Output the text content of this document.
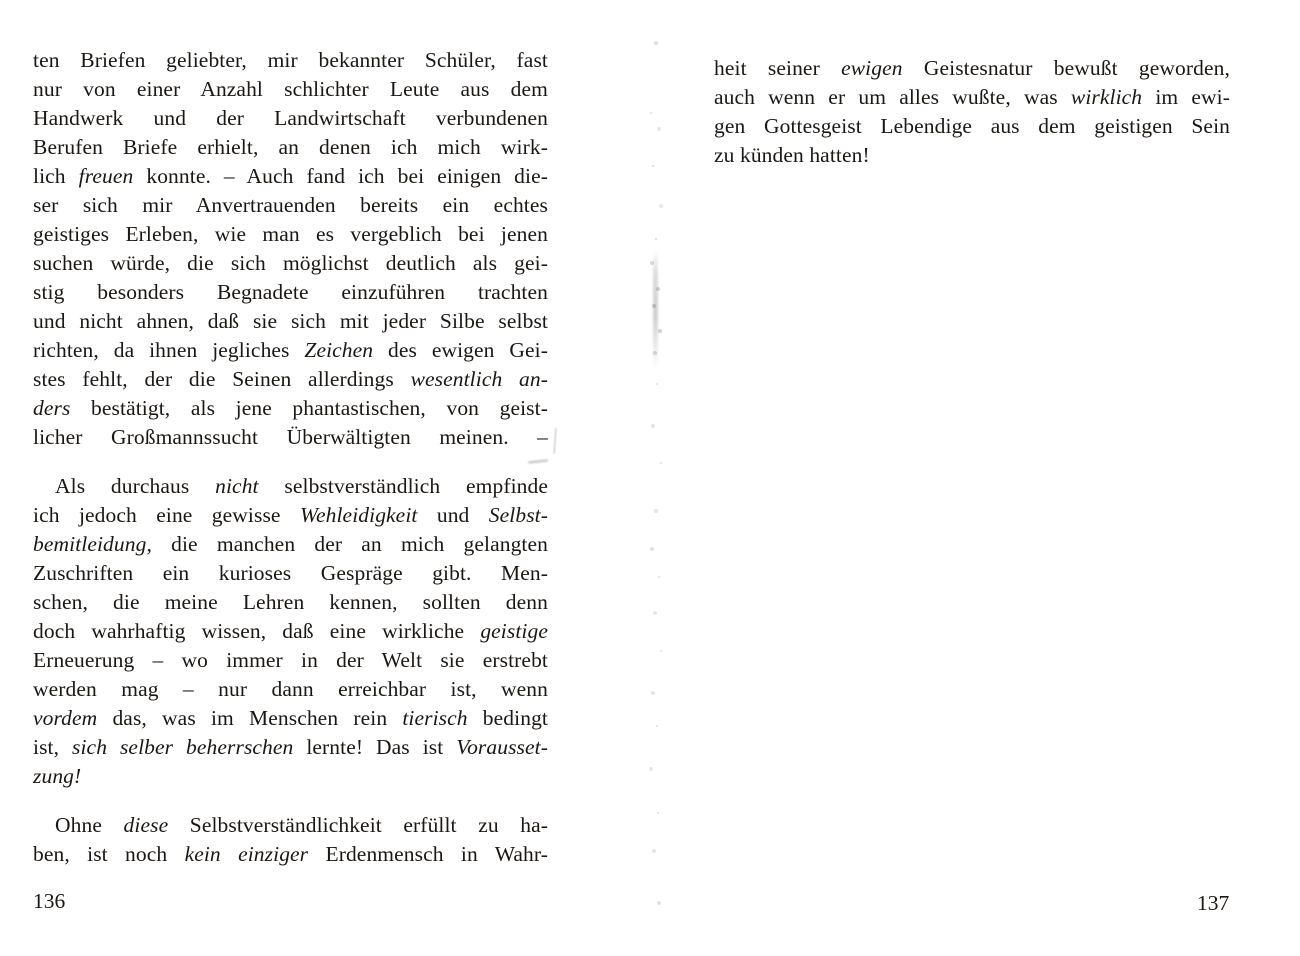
ten Briefen geliebter, mir bekannter Schüler, fast
nur von einer Anzahl schlichter Leute aus dem
Handwerk und der Landwirtschaft verbundenen
Berufen Briefe erhielt, an denen ich mich wirk-
lich freuen konnte. – Auch fand ich bei einigen die-
ser sich mir Anvertrauenden bereits ein echtes
geistiges Erleben, wie man es vergeblich bei jenen
suchen würde, die sich möglichst deutlich als gei-
stig besonders Begnadete einzuführen trachten
und nicht ahnen, daß sie sich mit jeder Silbe selbst
richten, da ihnen jegliches Zeichen des ewigen Gei-
stes fehlt, der die Seinen allerdings wesentlich an-
ders bestätigt, als jene phantastischen, von geist-
licher Großmannssucht Überwältigten meinen. –
Als durchaus nicht selbstverständlich empfinde
ich jedoch eine gewisse Wehleidigkeit und Selbst-
bemitleidung, die manchen der an mich gelangten
Zuschriften ein kurioses Gespräge gibt. Men-
schen, die meine Lehren kennen, sollten denn
doch wahrhaftig wissen, daß eine wirkliche geistige
Erneuerung – wo immer in der Welt sie erstrebt
werden mag – nur dann erreichbar ist, wenn
vordem das, was im Menschen rein tierisch bedingt
ist, sich selber beherrschen lernte! Das ist Vorausset-
zung!
Ohne diese Selbstverständlichkeit erfüllt zu ha-
ben, ist noch kein einziger Erdenmensch in Wahr-
heit seiner ewigen Geistesnatur bewußt geworden,
auch wenn er um alles wußte, was wirklich im ewi-
gen Gottesgeist Lebendige aus dem geistigen Sein
zu künden hatten!
136	137
